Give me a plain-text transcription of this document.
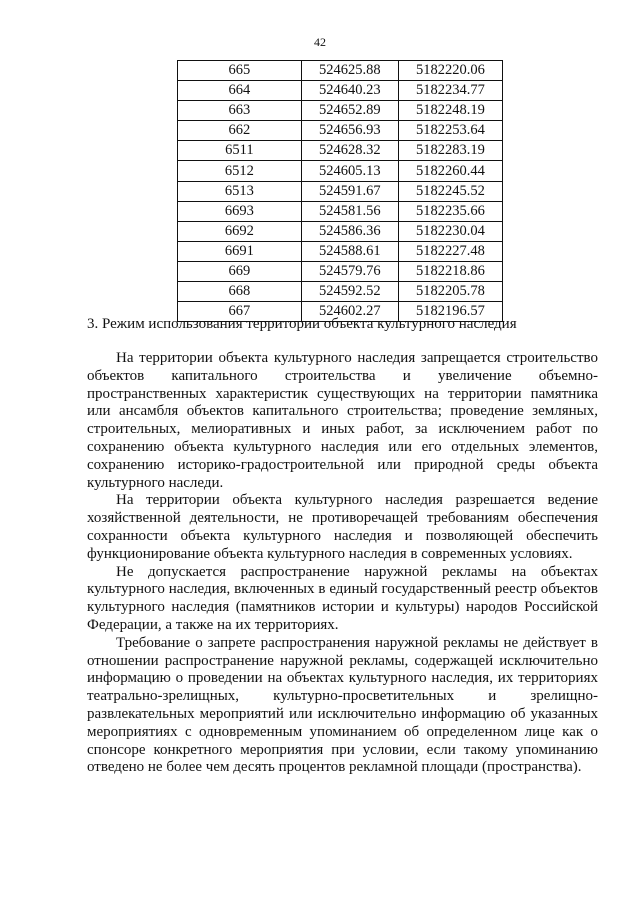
42
665	524625.88	5182220.06
664	524640.23	5182234.77
663	524652.89	5182248.19
662	524656.93	5182253.64
6511	524628.32	5182283.19
6512	524605.13	5182260.44
6513	524591.67	5182245.52
6693	524581.56	5182235.66
6692	524586.36	5182230.04
6691	524588.61	5182227.48
669	524579.76	5182218.86
668	524592.52	5182205.78
667	524602.27	5182196.57
3. Режим использования территории объекта культурного наследия

На территории объекта культурного наследия запрещается строительство объектов капитального строительства и увеличение объемно-пространственных характеристик существующих на территории памятника или ансамбля объектов капитального строительства; проведение земляных, строительных, мелиоративных и иных работ, за исключением работ по сохранению объекта культурного наследия или его отдельных элементов, сохранению историко-градостроительной или природной среды объекта культурного наследи.

На территории объекта культурного наследия разрешается ведение хозяйственной деятельности, не противоречащей требованиям обеспечения сохранности объекта культурного наследия и позволяющей обеспечить функционирование объекта культурного наследия в современных условиях.

Не допускается распространение наружной рекламы на объектах культурного наследия, включенных в единый государственный реестр объектов культурного наследия (памятников истории и культуры) народов Российской Федерации, а также на их территориях.

Требование о запрете распространения наружной рекламы не действует в отношении распространение наружной рекламы, содержащей исключительно информацию о проведении на объектах культурного наследия, их территориях театрально-зрелищных, культурно-просветительных и зрелищно-развлекательных мероприятий или исключительно информацию об указанных мероприятиях с одновременным упоминанием об определенном лице как о спонсоре конкретного мероприятия при условии, если такому упоминанию отведено не более чем десять процентов рекламной площади (пространства).
